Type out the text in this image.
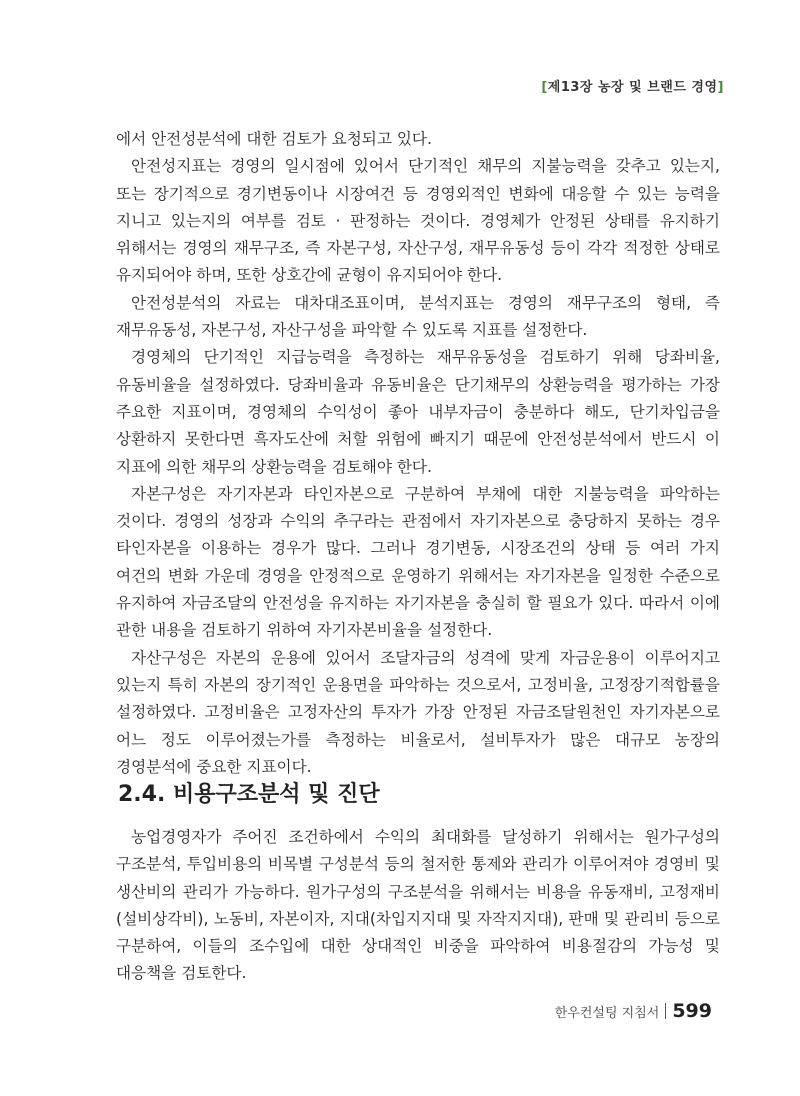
[제13장 농장 및 브랜드 경영]

에서 안전성분석에 대한 검토가 요청되고 있다.

안전성지표는 경영의 일시점에 있어서 단기적인 채무의 지불능력을 갖추고 있는지, 또는 장기적으로 경기변동이나 시장여건 등 경영외적인 변화에 대응할 수 있는 능력을 지니고 있는지의 여부를 검토 · 판정하는 것이다. 경영체가 안정된 상태를 유지하기 위해서는 경영의 재무구조, 즉 자본구성, 자산구성, 재무유동성 등이 각각 적정한 상태로 유지되어야 하며, 또한 상호간에 균형이 유지되어야 한다.

안전성분석의 자료는 대차대조표이며, 분석지표는 경영의 재무구조의 형태, 즉 재무유동성, 자본구성, 자산구성을 파악할 수 있도록 지표를 설정한다.

경영체의 단기적인 지급능력을 측정하는 재무유동성을 검토하기 위해 당좌비율, 유동비율을 설정하였다. 당좌비율과 유동비율은 단기채무의 상환능력을 평가하는 가장 주요한 지표이며, 경영체의 수익성이 좋아 내부자금이 충분하다 해도, 단기차입금을 상환하지 못한다면 흑자도산에 처할 위험에 빠지기 때문에 안전성분석에서 반드시 이 지표에 의한 채무의 상환능력을 검토해야 한다.

자본구성은 자기자본과 타인자본으로 구분하여 부채에 대한 지불능력을 파악하는 것이다. 경영의 성장과 수익의 추구라는 관점에서 자기자본으로 충당하지 못하는 경우 타인자본을 이용하는 경우가 많다. 그러나 경기변동, 시장조건의 상태 등 여러 가지 여건의 변화 가운데 경영을 안정적으로 운영하기 위해서는 자기자본을 일정한 수준으로 유지하여 자금조달의 안전성을 유지하는 자기자본을 충실히 할 필요가 있다. 따라서 이에 관한 내용을 검토하기 위하여 자기자본비율을 설정한다.

자산구성은 자본의 운용에 있어서 조달자금의 성격에 맞게 자금운용이 이루어지고 있는지 특히 자본의 장기적인 운용면을 파악하는 것으로서, 고정비율, 고정장기적합률을 설정하였다. 고정비율은 고정자산의 투자가 가장 안정된 자금조달원천인 자기자본으로 어느 정도 이루어졌는가를 측정하는 비율로서, 설비투자가 많은 대규모 농장의 경영분석에 중요한 지표이다.

2.4. 비용구조분석 및 진단

농업경영자가 주어진 조건하에서 수익의 최대화를 달성하기 위해서는 원가구성의 구조분석, 투입비용의 비목별 구성분석 등의 철저한 통제와 관리가 이루어져야 경영비 및 생산비의 관리가 가능하다. 원가구성의 구조분석을 위해서는 비용을 유동재비, 고정재비(설비상각비), 노동비, 자본이자, 지대(차입지지대 및 자작지지대), 판매 및 관리비 등으로 구분하여, 이들의 조수입에 대한 상대적인 비중을 파악하여 비용절감의 가능성 및 대응책을 검토한다.

한우컨설팅 지침서 599
